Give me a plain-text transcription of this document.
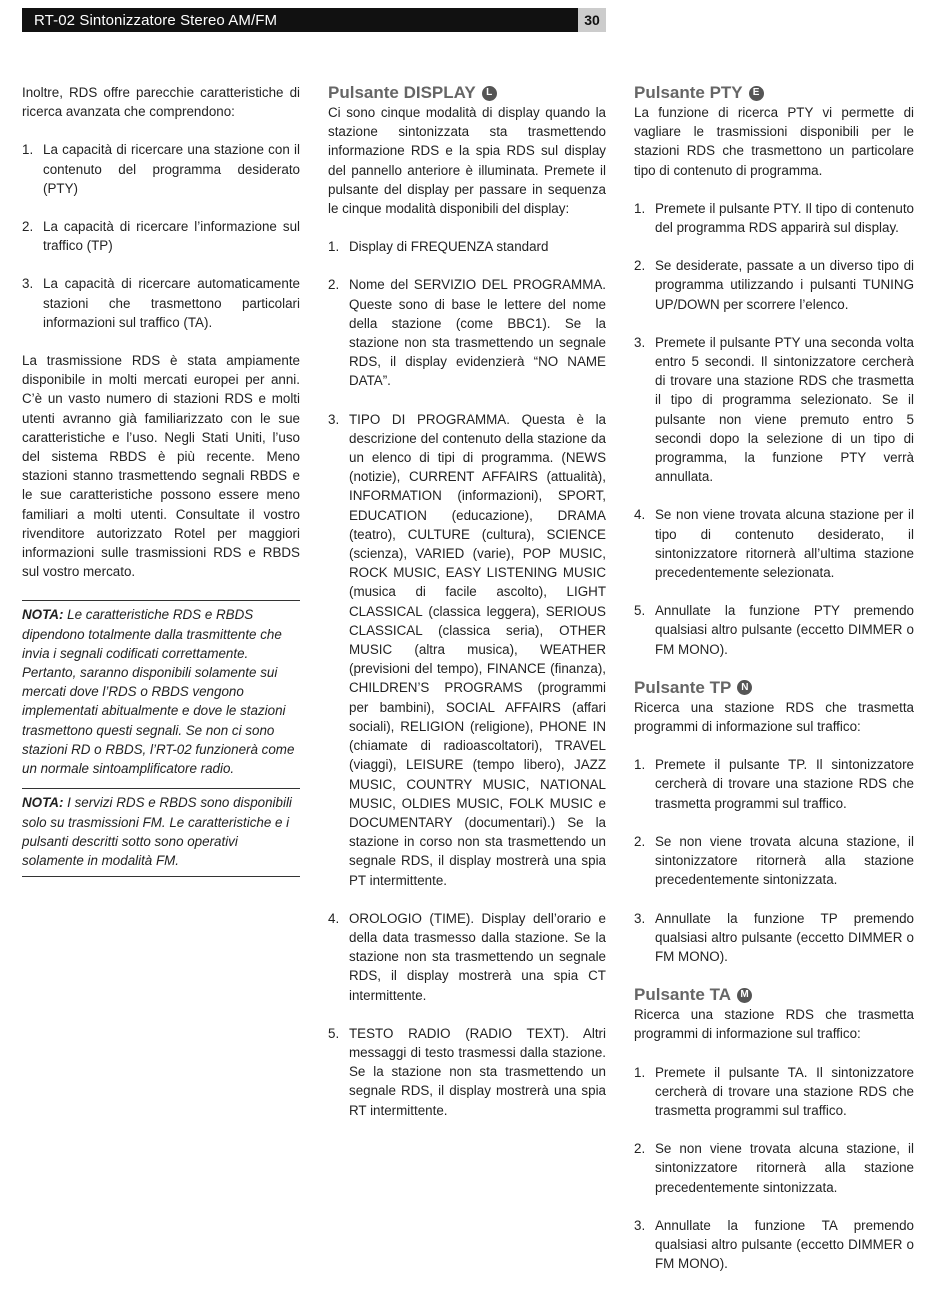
RT-02 Sintonizzatore Stereo AM/FM	30

Inoltre, RDS offre parecchie caratteristiche di ricerca avanzata che comprendono:

1. La capacità di ricercare una stazione con il contenuto del programma desiderato (PTY)
2. La capacità di ricercare l’informazione sul traffico (TP)
3. La capacità di ricercare automaticamente stazioni che trasmettono particolari informazioni sul traffico (TA).

La trasmissione RDS è stata ampiamente disponibile in molti mercati europei per anni. C’è un vasto numero di stazioni RDS e molti utenti avranno già familiarizzato con le sue caratteristiche e l’uso. Negli Stati Uniti, l’uso del sistema RBDS è più recente. Meno stazioni stanno trasmettendo segnali RBDS e le sue caratteristiche possono essere meno familiari a molti utenti. Consultate il vostro rivenditore autorizzato Rotel per maggiori informazioni sulle trasmissioni RDS e RBDS sul vostro mercato.

NOTA: Le caratteristiche RDS e RBDS dipendono totalmente dalla trasmittente che invia i segnali codificati correttamente. Pertanto, saranno disponibili solamente sui mercati dove l’RDS o RBDS vengono implementati abitualmente e dove le stazioni trasmettono questi segnali. Se non ci sono stazioni RD o RBDS, l’RT-02 funzionerà come un normale sintoamplificatore radio.
NOTA: I servizi RDS e RBDS sono disponibili solo su trasmissioni FM. Le caratteristiche e i pulsanti descritti sotto sono operativi solamente in modalità FM.
Pulsante DISPLAY	L

Ci sono cinque modalità di display quando la stazione sintonizzata sta trasmettendo informazione RDS e la spia RDS sul display del pannello anteriore è illuminata. Premete il pulsante del display per passare in sequenza le cinque modalità disponibili del display:

1. Display di FREQUENZA standard
2. Nome del SERVIZIO DEL PROGRAMMA. Queste sono di base le lettere del nome della stazione (come BBC1). Se la stazione non sta trasmettendo un segnale RDS, il display evidenzierà “NO NAME DATA”.
3. TIPO DI PROGRAMMA. Questa è la descrizione del contenuto della stazione da un elenco di tipi di programma. (NEWS (notizie), CURRENT AFFAIRS (attualità), INFORMATION (informazioni), SPORT, EDUCATION (educazione), DRAMA (teatro), CULTURE (cultura), SCIENCE (scienza), VARIED (varie), POP MUSIC, ROCK MUSIC, EASY LISTENING MUSIC (musica di facile ascolto), LIGHT CLASSICAL (classica leggera), SERIOUS CLASSICAL (classica seria), OTHER MUSIC (altra musica), WEATHER (previsioni del tempo), FINANCE (finanza), CHILDREN’S PROGRAMS (programmi per bambini), SOCIAL AFFAIRS (affari sociali), RELIGION (religione), PHONE IN (chiamate di radioascoltatori), TRAVEL (viaggi), LEISURE (tempo libero), JAZZ MUSIC, COUNTRY MUSIC, NATIONAL MUSIC, OLDIES MUSIC, FOLK MUSIC e DOCUMENTARY (documentari).) Se la stazione in corso non sta trasmettendo un segnale RDS, il display mostrerà una spia PT intermittente.
4. OROLOGIO (TIME). Display dell’orario e della data trasmesso dalla stazione. Se la stazione non sta trasmettendo un segnale RDS, il display mostrerà una spia CT intermittente.
5. TESTO RADIO (RADIO TEXT). Altri messaggi di testo trasmessi dalla stazione. Se la stazione non sta trasmettendo un segnale RDS, il display mostrerà una spia RT intermittente.
Pulsante PTY	E

La funzione di ricerca PTY vi permette di vagliare le trasmissioni disponibili per le stazioni RDS che trasmettono un particolare tipo di contenuto di programma.

1. Premete il pulsante PTY. Il tipo di contenuto del programma RDS apparirà sul display.
2. Se desiderate, passate a un diverso tipo di programma utilizzando i pulsanti TUNING UP/DOWN per scorrere l’elenco.
3. Premete il pulsante PTY una seconda volta entro 5 secondi. Il sintonizzatore cercherà di trovare una stazione RDS che trasmetta il tipo di programma selezionato. Se il pulsante non viene premuto entro 5 secondi dopo la selezione di un tipo di programma, la funzione PTY verrà annullata.
4. Se non viene trovata alcuna stazione per il tipo di contenuto desiderato, il sintonizzatore ritornerà all’ultima stazione precedentemente selezionata.
5. Annullate la funzione PTY premendo qualsiasi altro pulsante (eccetto DIMMER o FM MONO).
Pulsante TP N

Ricerca una stazione RDS che trasmetta programmi di informazione sul traffico:

1. Premete il pulsante TP. Il sintonizzatore cercherà di trovare una stazione RDS che trasmetta programmi sul traffico.
2. Se non viene trovata alcuna stazione, il sintonizzatore ritornerà alla stazione precedentemente sintonizzata.
3. Annullate la funzione TP premendo qualsiasi altro pulsante (eccetto DIMMER o FM MONO).
Pulsante TA M

Ricerca una stazione RDS che trasmetta programmi di informazione sul traffico:

1. Premete il pulsante TA. Il sintonizzatore cercherà di trovare una stazione RDS che trasmetta programmi sul traffico.
2. Se non viene trovata alcuna stazione, il sintonizzatore ritornerà alla stazione precedentemente sintonizzata.
3. Annullate la funzione TA premendo qualsiasi altro pulsante (eccetto DIMMER o FM MONO).
